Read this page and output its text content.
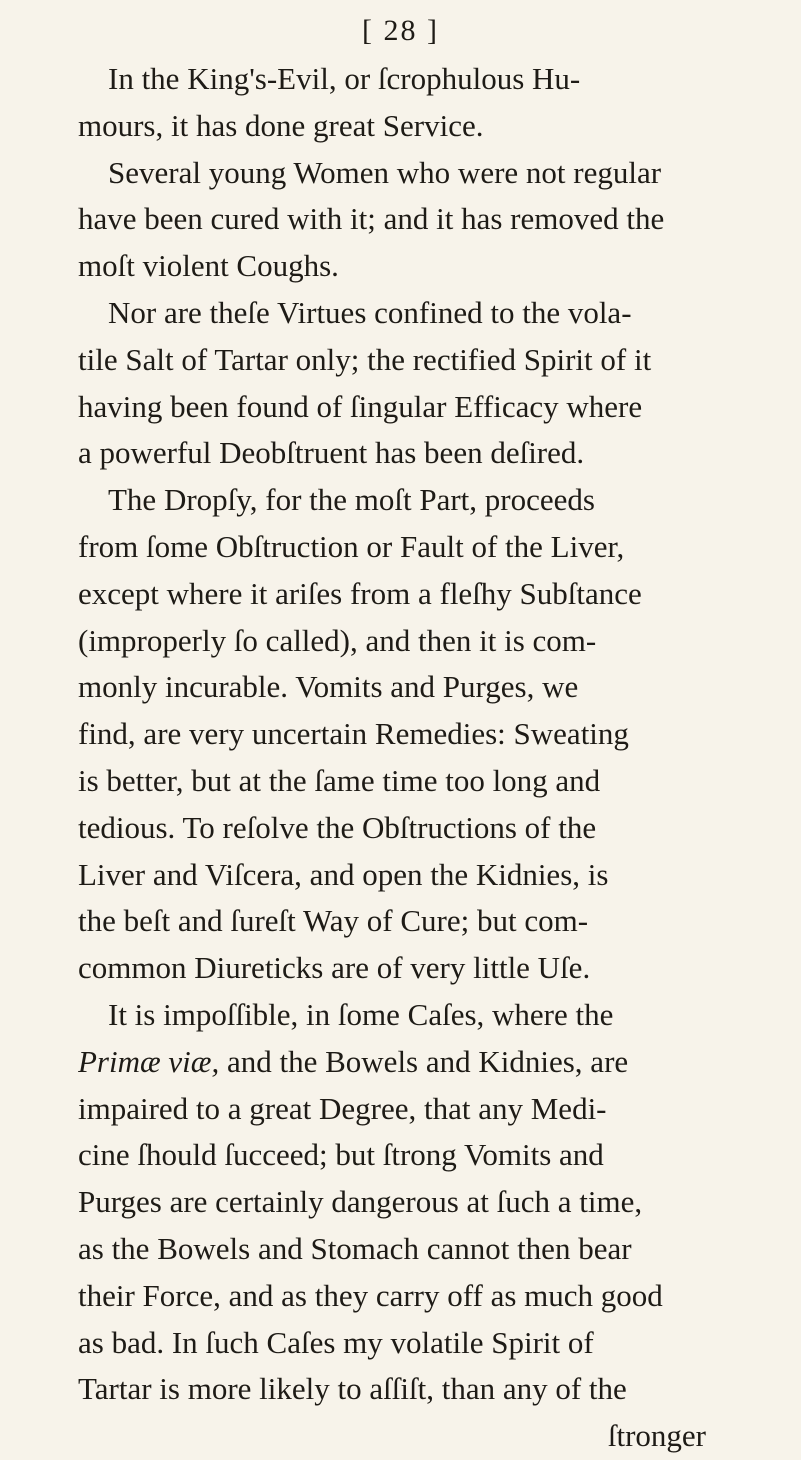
[ 28 ]
In the King's-Evil, or ſcrophulous Hu-
mours, it has done great Service.
Several young Women who were not regular
have been cured with it; and it has removed the
moſt violent Coughs.
Nor are theſe Virtues confined to the vola-
tile Salt of Tartar only; the rectified Spirit of it
having been found of ſingular Efficacy where
a powerful Deobſtruent has been deſired.
The Dropſy, for the moſt Part, proceeds
from ſome Obſtruction or Fault of the Liver,
except where it ariſes from a fleſhy Subſtance
(improperly ſo called), and then it is com-
monly incurable. Vomits and Purges, we
find, are very uncertain Remedies: Sweating
is better, but at the ſame time too long and
tedious. To reſolve the Obſtructions of the
Liver and Viſcera, and open the Kidnies, is
the beſt and ſureſt Way of Cure; but com-
common Diureticks are of very little Uſe.
It is impoſſible, in ſome Caſes, where the
Primæ viæ, and the Bowels and Kidnies, are
impaired to a great Degree, that any Medi-
cine ſhould ſucceed; but ſtrong Vomits and
Purges are certainly dangerous at ſuch a time,
as the Bowels and Stomach cannot then bear
their Force, and as they carry off as much good
as bad. In ſuch Caſes my volatile Spirit of
Tartar is more likely to aſſiſt, than any of the
ſtronger
